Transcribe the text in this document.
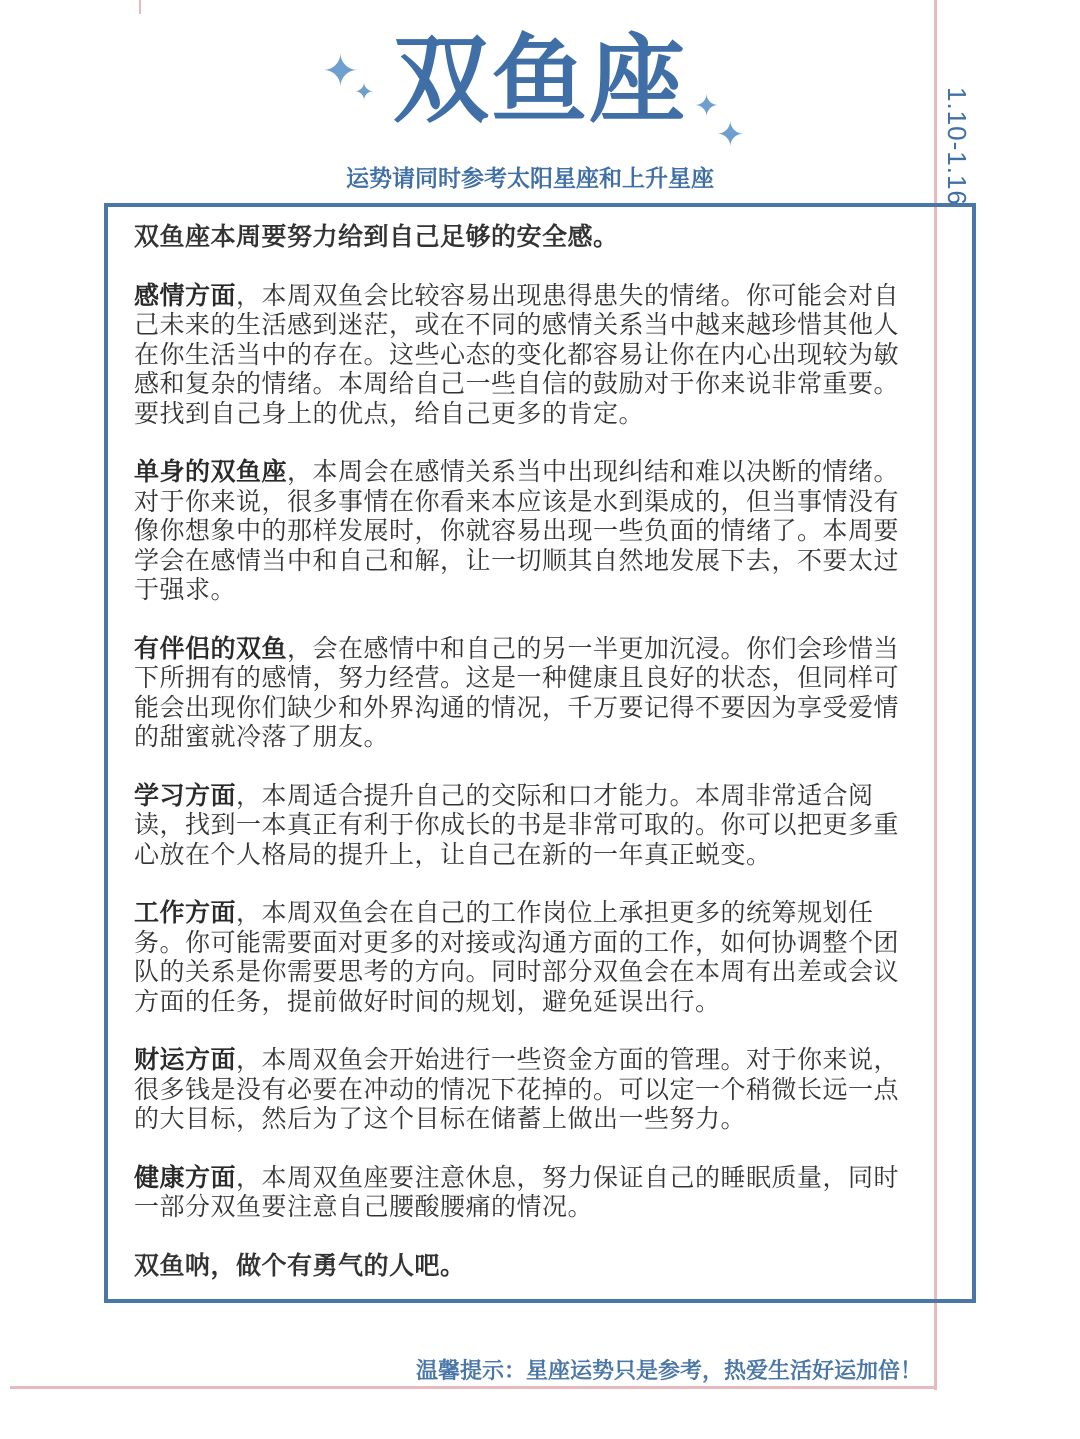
✦
✦	✦
✦
双鱼座
运势请同时参考太阳星座和上升星座	1.10-1.16

双鱼座本周要努力给到自己足够的安全感。

感情方面，本周双鱼会比较容易出现患得患失的情绪。你可能会对自己未来的生活感到迷茫，或在不同的感情关系当中越来越珍惜其他人在你生活当中的存在。这些心态的变化都容易让你在内心出现较为敏感和复杂的情绪。本周给自己一些自信的鼓励对于你来说非常重要。要找到自己身上的优点，给自己更多的肯定。

单身的双鱼座，本周会在感情关系当中出现纠结和难以决断的情绪。对于你来说，很多事情在你看来本应该是水到渠成的，但当事情没有像你想象中的那样发展时，你就容易出现一些负面的情绪了。本周要学会在感情当中和自己和解，让一切顺其自然地发展下去，不要太过于强求。

有伴侣的双鱼，会在感情中和自己的另一半更加沉浸。你们会珍惜当下所拥有的感情，努力经营。这是一种健康且良好的状态，但同样可能会出现你们缺少和外界沟通的情况，千万要记得不要因为享受爱情的甜蜜就冷落了朋友。

学习方面，本周适合提升自己的交际和口才能力。本周非常适合阅读，找到一本真正有利于你成长的书是非常可取的。你可以把更多重心放在个人格局的提升上，让自己在新的一年真正蜕变。

工作方面，本周双鱼会在自己的工作岗位上承担更多的统筹规划任务。你可能需要面对更多的对接或沟通方面的工作，如何协调整个团队的关系是你需要思考的方向。同时部分双鱼会在本周有出差或会议方面的任务，提前做好时间的规划，避免延误出行。

财运方面，本周双鱼会开始进行一些资金方面的管理。对于你来说，很多钱是没有必要在冲动的情况下花掉的。可以定一个稍微长远一点的大目标，然后为了这个目标在储蓄上做出一些努力。

健康方面，本周双鱼座要注意休息，努力保证自己的睡眠质量，同时一部分双鱼要注意自己腰酸腰痛的情况。

双鱼呐，做个有勇气的人吧。

温馨提示：星座运势只是参考，热爱生活好运加倍！
